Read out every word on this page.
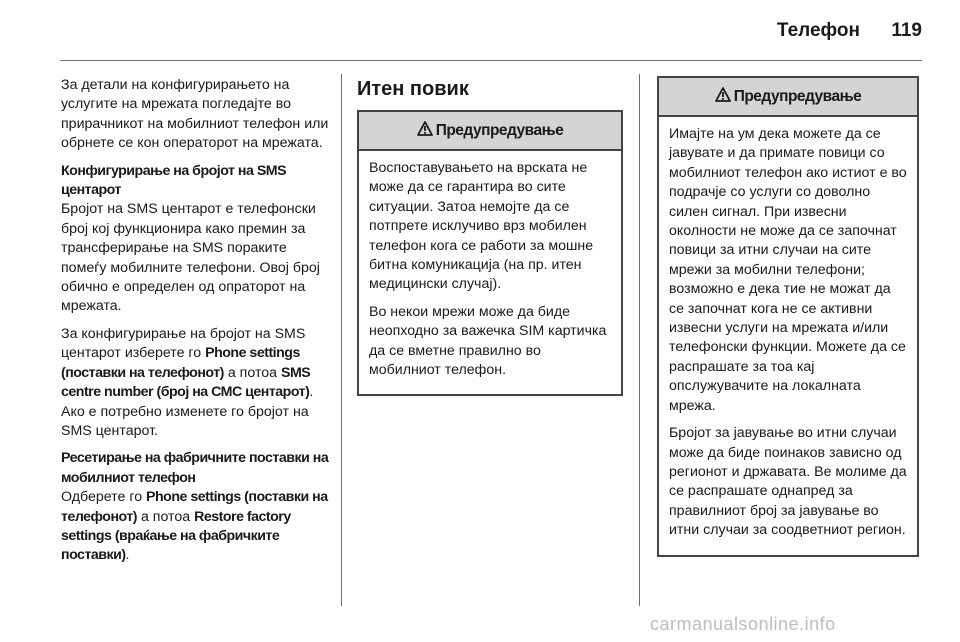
Телефон 119

За детали на конфигурирањето на услугите на мрежата погледајте во прирачникот на мобилниот телефон или обрнете се кон операторот на мрежата.

Конфигурирање на бројот на SMS центарот

Бројот на SMS центарот е телефонски број кој функционира како премин за трансферирање на SMS пораките помеѓу мобилните телефони. Овој број обично е определен од опраторот на мрежата.

За конфигурирање на бројот на SMS центарот изберете го Phone settings (поставки на телефонот) а потоа SMS centre number (број на СМС центарот). Ако е потребно изменете го бројот на SMS центарот.

Ресетирање на фабричните поставки на мобилниот телефон

Одберете го Phone settings (поставки на телефонот) а потоа Restore factory settings (враќање на фабричките поставки).

Итен повик
Предупредување

Воспоставувањето на врската не може да се гарантира во сите ситуации. Затоа немојте да се потпрете исклучиво врз мобилен телефон кога се работи за мошне битна комуникација (на пр. итен медицински случај).

Во некои мрежи може да биде неопходно за важечка SIM картичка да се вметне правилно во мобилниот телефон.

Предупредување

Имајте на ум дека можете да се јавувате и да примате повици со мобилниот телефон ако истиот е во подрачје со услуги со доволно силен сигнал. При извесни околности не може да се започнат повици за итни случаи на сите мрежи за мобилни телефони; возможно е дека тие не можат да се започнат кога не се активни извесни услуги на мрежата и/или телефонски функции. Можете да се распрашате за тоа кај опслужувачите на локалната мрежа.

Бројот за јавување во итни случаи може да биде поинаков зависно од регионот и државата. Ве молиме да се распрашате однапред за правилниот број за јавување во итни случаи за соодветниот регион.

carmanualsonline.info
